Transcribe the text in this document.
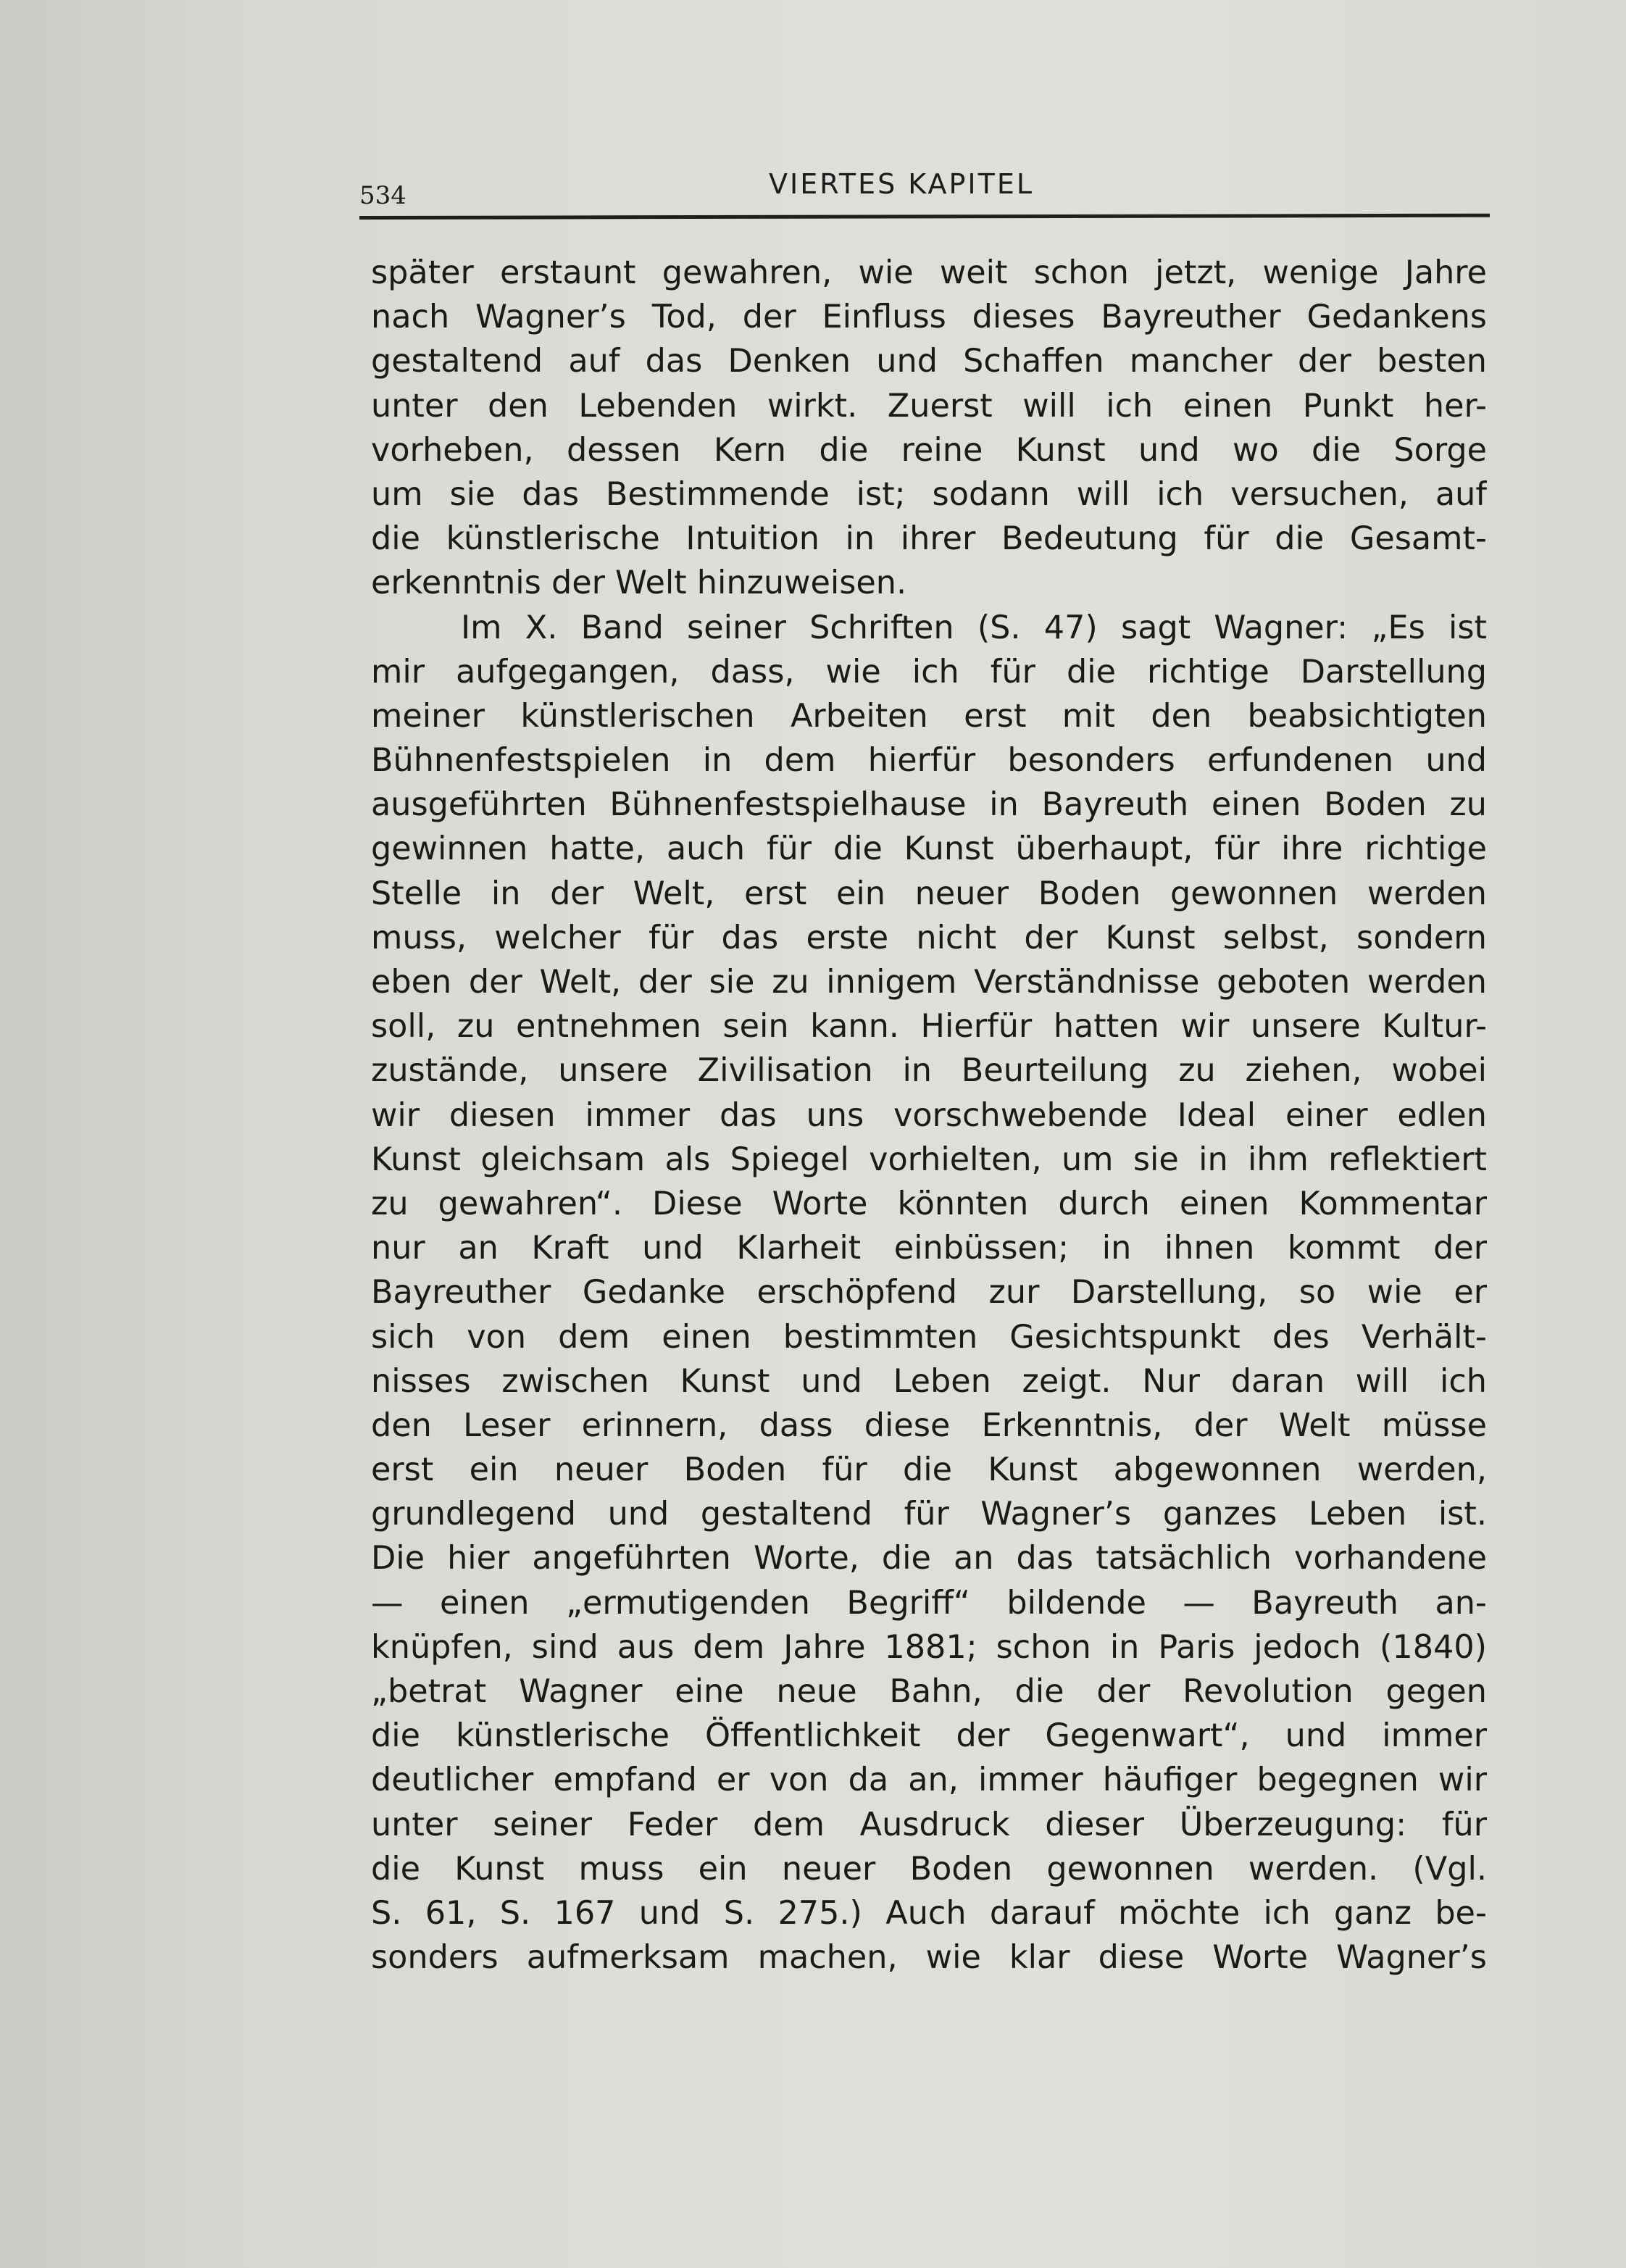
534	VIERTES KAPITEL
später erstaunt gewahren, wie weit schon jetzt, wenige Jahre
nach Wagner’s Tod, der Einfluss dieses Bayreuther Gedankens
gestaltend auf das Denken und Schaffen mancher der besten
unter den Lebenden wirkt. Zuerst will ich einen Punkt her-
vorheben, dessen Kern die reine Kunst und wo die Sorge
um sie das Bestimmende ist; sodann will ich versuchen, auf
die künstlerische Intuition in ihrer Bedeutung für die Gesamt-
erkenntnis der Welt hinzuweisen.
Im X. Band seiner Schriften (S. 47) sagt Wagner: „Es ist
mir aufgegangen, dass, wie ich für die richtige Darstellung
meiner künstlerischen Arbeiten erst mit den beabsichtigten
Bühnenfestspielen in dem hierfür besonders erfundenen und
ausgeführten Bühnenfestspielhause in Bayreuth einen Boden zu
gewinnen hatte, auch für die Kunst überhaupt, für ihre richtige
Stelle in der Welt, erst ein neuer Boden gewonnen werden
muss, welcher für das erste nicht der Kunst selbst, sondern
eben der Welt, der sie zu innigem Verständnisse geboten werden
soll, zu entnehmen sein kann. Hierfür hatten wir unsere Kultur-
zustände, unsere Zivilisation in Beurteilung zu ziehen, wobei
wir diesen immer das uns vorschwebende Ideal einer edlen
Kunst gleichsam als Spiegel vorhielten, um sie in ihm reflektiert
zu gewahren“. Diese Worte könnten durch einen Kommentar
nur an Kraft und Klarheit einbüssen; in ihnen kommt der
Bayreuther Gedanke erschöpfend zur Darstellung, so wie er
sich von dem einen bestimmten Gesichtspunkt des Verhält-
nisses zwischen Kunst und Leben zeigt. Nur daran will ich
den Leser erinnern, dass diese Erkenntnis, der Welt müsse
erst ein neuer Boden für die Kunst abgewonnen werden,
grundlegend und gestaltend für Wagner’s ganzes Leben ist.
Die hier angeführten Worte, die an das tatsächlich vorhandene
— einen „ermutigenden Begriff“ bildende — Bayreuth an-
knüpfen, sind aus dem Jahre 1881; schon in Paris jedoch (1840)
„betrat Wagner eine neue Bahn, die der Revolution gegen
die künstlerische Öffentlichkeit der Gegenwart“, und immer
deutlicher empfand er von da an, immer häufiger begegnen wir
unter seiner Feder dem Ausdruck dieser Überzeugung: für
die Kunst muss ein neuer Boden gewonnen werden. (Vgl.
S. 61, S. 167 und S. 275.) Auch darauf möchte ich ganz be-
sonders aufmerksam machen, wie klar diese Worte Wagner’s
